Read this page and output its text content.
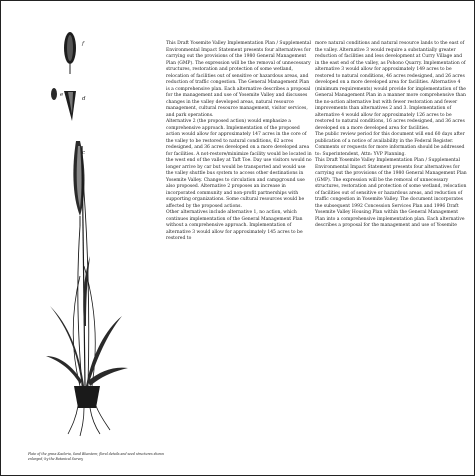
f
e
d
c
Plate of the grass Koeleria, Sand Bluestem; floral details and seed structures shown enlarged; by the Botanical Survey

This Draft Yosemite Valley Implementation Plan / Supplemental Environmental Impact Statement presents four alternatives for carrying out the provisions of the 1980 General Management Plan (GMP). The expression will be the removal of unnecessary structures, restoration and protection of some wetland, relocation of facilities out of sensitive or hazardous areas, and reduction of traffic congestion. The General Management Plan is a comprehensive plan. Each alternative describes a proposal for the management and use of Yosemite Valley and discusses changes in the valley developed areas, natural resource management, cultural resource management, visitor services, and park operations.

Alternative 2 (the proposed action) would emphasize a comprehensive approach. Implementation of the proposed action would allow for approximately 147 acres in the core of the valley to be restored to natural conditions, 62 acres redesigned, and 36 acres developed on a more developed area for facilities. A not-restore/minimize facility would be located in the west end of the valley at Taft Toe. Day use visitors would no longer arrive by car but would be transported and would use the valley shuttle bus system to access other destinations in Yosemite Valley. Changes to circulation and campground use also proposed. Alternative 2 proposes an increase in incorporated community and non-profit partnerships with supporting organizations. Some cultural resources would be affected by the proposed actions.

Other alternatives include alternative 1, no action, which continues implementation of the General Management Plan without a comprehensive approach. Implementation of alternative 3 would allow for approximately 145 acres to be restored to

more natural conditions and natural resource lands to the east of the valley. Alternative 3 would require a substantially greater reduction of facilities and less development at Curry Village and in the east end of the valley, as Pohono Quarry. Implementation of alternative 3 would allow for approximately 149 acres to be restored to natural conditions, 46 acres redesigned, and 26 acres developed on a more developed area for facilities. Alternative 4 (minimum requirements) would provide for implementation of the General Management Plan in a manner more comprehensive than the no-action alternative but with fewer restoration and fewer improvements than alternatives 2 and 3. Implementation of alternative 4 would allow for approximately 126 acres to be restored to natural conditions, 16 acres redesigned, and 36 acres developed on a more developed area for facilities.

The public review period for this document will end 60 days after publication of a notice of availability in the Federal Register. Comments or requests for more information should be addressed to: Superintendent, Attn: YVP Planning.

This Draft Yosemite Valley Implementation Plan / Supplemental Environmental Impact Statement presents four alternatives for carrying out the provisions of the 1980 General Management Plan (GMP). The expression will be the removal of unnecessary structures, restoration and protection of some wetland, relocation of facilities out of sensitive or hazardous areas, and reduction of traffic congestion in Yosemite Valley. The document incorporates the subsequent 1992 Concession Services Plan and 1996 Draft Yosemite Valley Housing Plan within the General Management Plan into a comprehensive implementation plan. Each alternative describes a proposal for the management and use of Yosemite
